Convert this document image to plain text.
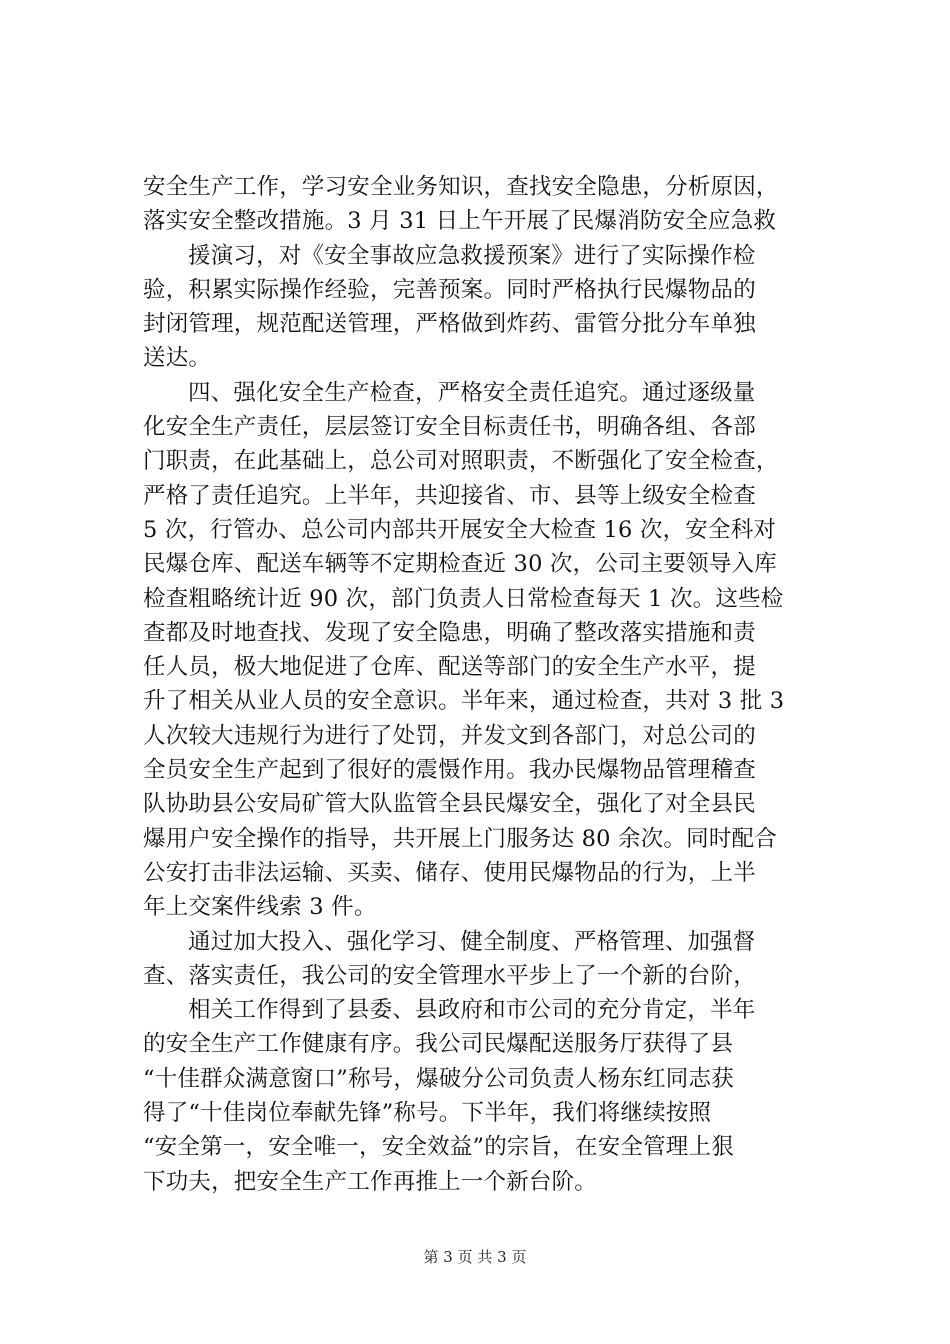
安全生产工作，学习安全业务知识，查找安全隐患，分析原因，
落实安全整改措施。3 月 31 日上午开展了民爆消防安全应急救
援演习，对《安全事故应急救援预案》进行了实际操作检
验，积累实际操作经验，完善预案。同时严格执行民爆物品的
封闭管理，规范配送管理，严格做到炸药、雷管分批分车单独
送达。
四、强化安全生产检查，严格安全责任追究。通过逐级量
化安全生产责任，层层签订安全目标责任书，明确各组、各部
门职责，在此基础上，总公司对照职责，不断强化了安全检查，
严格了责任追究。上半年，共迎接省、市、县等上级安全检查
5 次，行管办、总公司内部共开展安全大检查 16 次，安全科对
民爆仓库、配送车辆等不定期检查近 30 次，公司主要领导入库
检查粗略统计近 90 次，部门负责人日常检查每天 1 次。这些检
查都及时地查找、发现了安全隐患，明确了整改落实措施和责
任人员，极大地促进了仓库、配送等部门的安全生产水平，提
升了相关从业人员的安全意识。半年来，通过检查，共对 3 批 3
人次较大违规行为进行了处罚，并发文到各部门，对总公司的
全员安全生产起到了很好的震慑作用。我办民爆物品管理稽查
队协助县公安局矿管大队监管全县民爆安全，强化了对全县民
爆用户安全操作的指导，共开展上门服务达 80 余次。同时配合
公安打击非法运输、买卖、储存、使用民爆物品的行为，上半
年上交案件线索 3 件。
通过加大投入、强化学习、健全制度、严格管理、加强督
查、落实责任，我公司的安全管理水平步上了一个新的台阶，
相关工作得到了县委、县政府和市公司的充分肯定，半年
的安全生产工作健康有序。我公司民爆配送服务厅获得了县
“十佳群众满意窗口”称号，爆破分公司负责人杨东红同志获
得了“十佳岗位奉献先锋”称号。下半年，我们将继续按照
“安全第一，安全唯一，安全效益”的宗旨，在安全管理上狠
下功夫，把安全生产工作再推上一个新台阶。
第 3 页 共 3 页
